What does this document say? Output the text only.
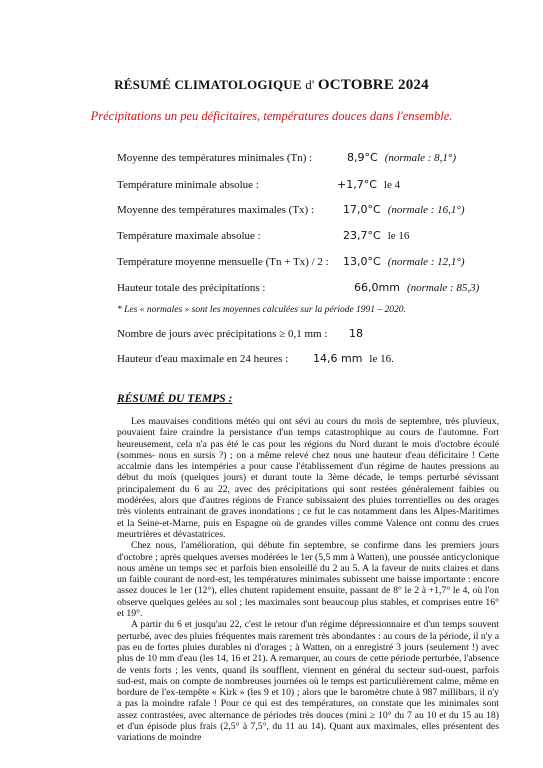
RÉSUMÉ CLIMATOLOGIQUE d' OCTOBRE 2024
Précipitations un peu déficitaires, températures douces dans l'ensemble.
Moyenne des températures minimales (Tn) :	8,9°C (normale : 8,1°)
Température minimale absolue :	+1,7°C le 4
Moyenne des températures maximales (Tx) :	17,0°C (normale : 16,1°)
Température maximale absolue :	23,7°C le 16
Température moyenne mensuelle (Tn + Tx) / 2 : 13,0°C (normale : 12,1°)
Hauteur totale des précipitations :	66,0mm (normale : 85,3)
* Les « normales » sont les moyennes calculées sur la période 1991 – 2020.
Nombre de jours avec précipitations ≥ 0,1 mm : 18
Hauteur d'eau maximale en 24 heures : 14,6 mm le 16.
RÉSUMÉ DU TEMPS :

Les mauvaises conditions météo qui ont sévi au cours du mois de septembre, très pluvieux, pouvaient faire craindre la persistance d'un temps catastrophique au cours de l'automne. Fort heureusement, cela n'a pas été le cas pour les régions du Nord durant le mois d'octobre écoulé (sommes- nous en sursis ?) ; on a même relevé chez nous une hauteur d'eau déficitaire ! Cette accalmie dans les intempéries a pour cause l'établissement d'un régime de hautes pressions au début du mois (quelques jours) et durant toute la 3ème décade, le temps perturbé sévissant principalement du 6 au 22, avec des précipitations qui sont restées généralement faibles ou modérées, alors que d'autres régions de France subissaient des pluies torrentielles ou des orages très violents entrainant de graves inondations ; ce fut le cas notamment dans les Alpes-Maritimes et la Seine-et-Marne, puis en Espagne où de grandes villes comme Valence ont connu des crues meurtrières et dévastatrices.

Chez nous, l'amélioration, qui débute fin septembre, se confirme dans les premiers jours d'octobre ; après quelques averses modérées le 1er (5,5 mm à Watten), une poussée anticyclonique nous amène un temps sec et parfois bien ensoleillé du 2 au 5. A la faveur de nuits claires et dans un faible courant de nord-est, les températures minimales subissent une baisse importante : encore assez douces le 1er (12°), elles chutent rapidement ensuite, passant de 8° le 2 à +1,7° le 4, où l'on observe quelques gelées au sol ; les maximales sont beaucoup plus stables, et comprises entre 16° et 19°.

A partir du 6 et jusqu'au 22, c'est le retour d'un régime dépressionnaire et d'un temps souvent perturbé, avec des pluies fréquentes mais rarement très abondantes : au cours de la période, il n'y a pas eu de fortes pluies durables ni d'orages ; à Watten, on a enregistré 3 jours (seulement !) avec plus de 10 mm d'eau (les 14, 16 et 21). A remarquer, au cours de cette période perturbée, l'absence de vents forts ; les vents, quand ils soufflent, viennent en général du secteur sud-ouest, parfois sud-est, mais on compte de nombreuses journées où le temps est particulièrement calme, même en bordure de l'ex-tempête « Kirk » (les 9 et 10) ; alors que le baromètre chute à 987 millibars, il n'y a pas la moindre rafale ! Pour ce qui est des températures, on constate que les minimales sont assez contrastées, avec alternance de périodes très douces (mini ≥ 10° du 7 au 10 et du 15 au 18) et d'un épisode plus frais (2,5° à 7,5°, du 11 au 14). Quant aux maximales, elles présentent des variations de moindre
